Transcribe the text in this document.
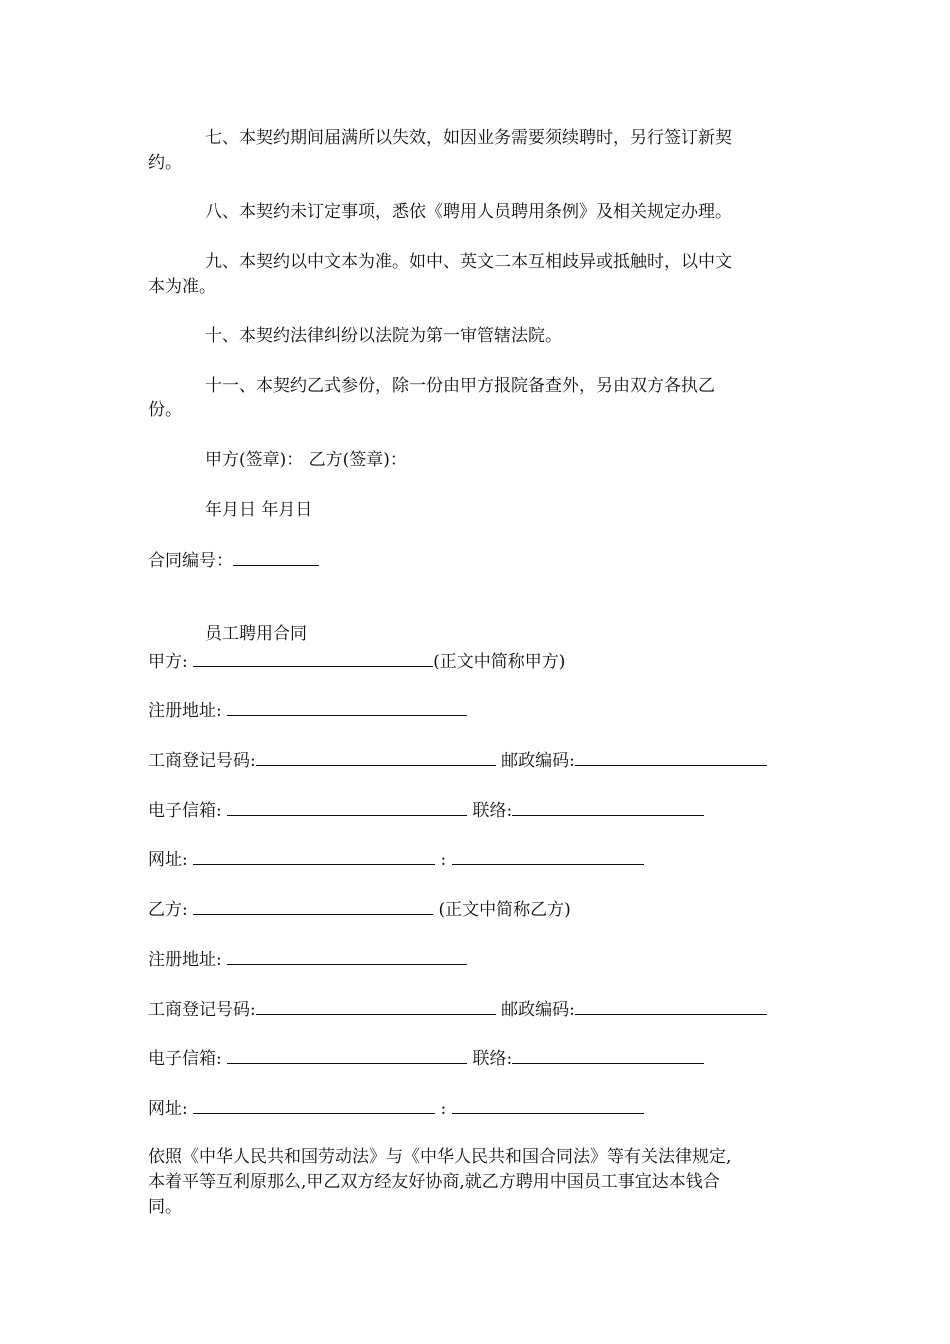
七、本契约期间届满所以失效，如因业务需要须续聘时，另行签订新契
约。
八、本契约未订定事项，悉依《聘用人员聘用条例》及相关规定办理。
九、本契约以中文本为准。如中、英文二本互相歧异或抵触时，以中文
本为准。
十、本契约法律纠纷以法院为第一审管辖法院。
十一、本契约乙式参份，除一份由甲方报院备查外，另由双方各执乙
份。
甲方(签章)： 乙方(签章)：
年月日 年月日
合同编号：
员工聘用合同
甲方:	(正文中简称甲方)
注册地址:
工商登记号码:	邮政编码:
电子信箱:	联络:
网址:	:
乙方:	(正文中简称乙方)
注册地址:
工商登记号码:	邮政编码:
电子信箱:	联络:
网址:	:
依照《中华人民共和国劳动法》与《中华人民共和国合同法》等有关法律规定,
本着平等互利原那么,甲乙双方经友好协商,就乙方聘用中国员工事宜达本钱合
同。
